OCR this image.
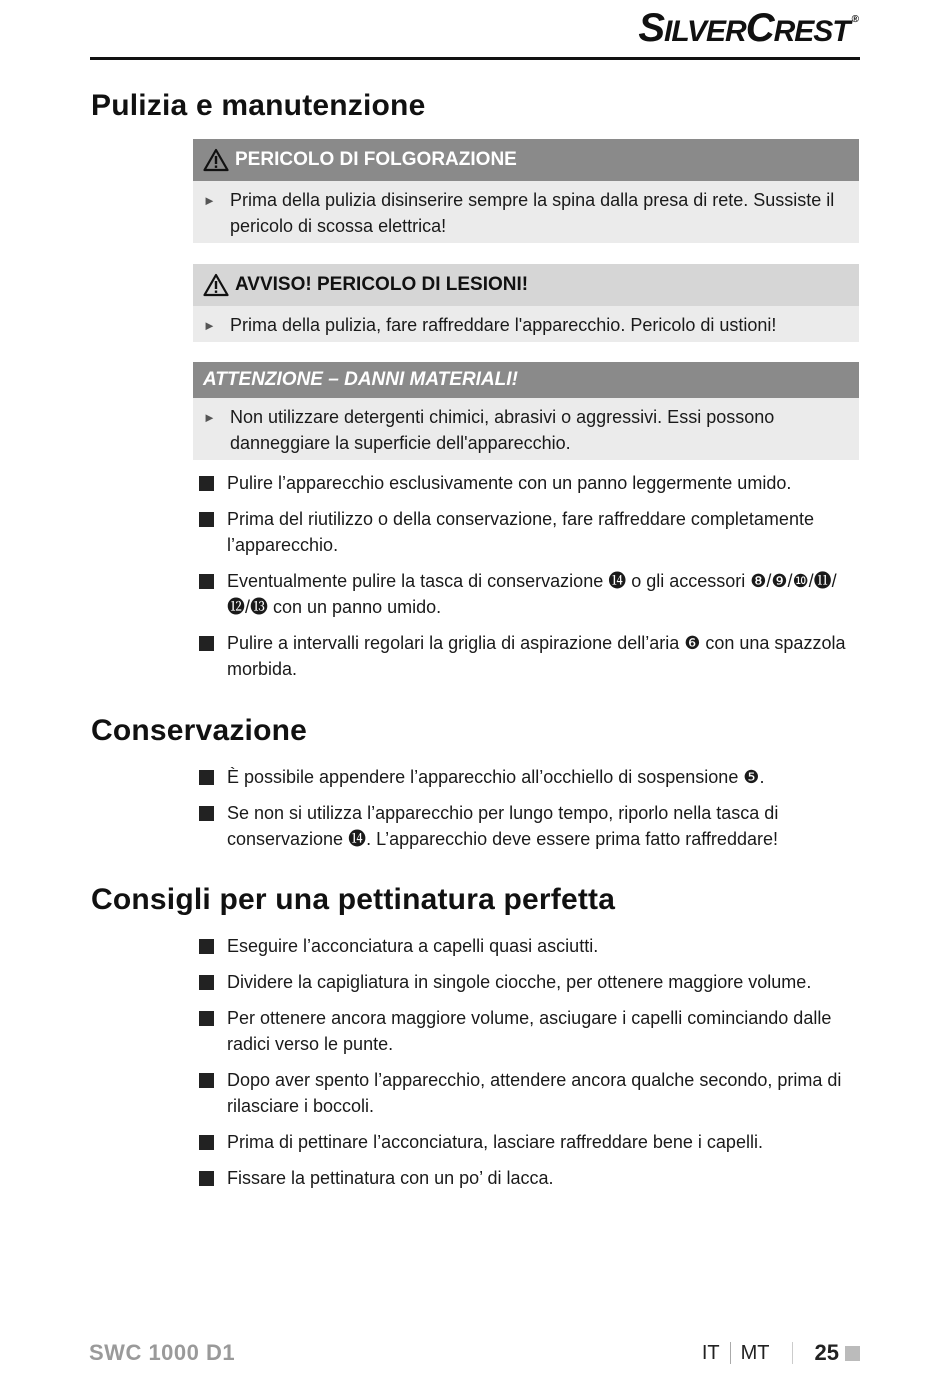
SILVERCREST ®
Pulizia e manutenzione
PERICOLO DI FOLGORAZIONE
► Prima della pulizia disinserire sempre la spina dalla presa di rete. Sussiste il pericolo di scossa elettrica!
AVVISO! PERICOLO DI LESIONI!
► Prima della pulizia, fare raffreddare l'apparecchio. Pericolo di ustioni!
ATTENZIONE – DANNI MATERIALI!
► Non utilizzare detergenti chimici, abrasivi o aggressivi. Essi possono danneggiare la superficie dell'apparecchio.
Pulire l’apparecchio esclusivamente con un panno leggermente umido.
Prima del riutilizzo o della conservazione, fare raffreddare completamente l’apparecchio.
Eventualmente pulire la tasca di conservazione ⓮ o gli accessori ❽/❾/❿/⓫/⓬/⓭ con un panno umido.
Pulire a intervalli regolari la griglia di aspirazione dell’aria ❻ con una spazzola morbida.
Conservazione
È possibile appendere l’apparecchio all’occhiello di sospensione ❺.
Se non si utilizza l’apparecchio per lungo tempo, riporlo nella tasca di conservazione ⓮. L’apparecchio deve essere prima fatto raffreddare!
Consigli per una pettinatura perfetta
Eseguire l’acconciatura a capelli quasi asciutti.
Dividere la capigliatura in singole ciocche, per ottenere maggiore volume.
Per ottenere ancora maggiore volume, asciugare i capelli cominciando dalle radici verso le punte.
Dopo aver spento l’apparecchio, attendere ancora qualche secondo, prima di rilasciare i boccoli.
Prima di pettinare l’acconciatura, lasciare raffreddare bene i capelli.
Fissare la pettinatura con un po’ di lacca.
SWC 1000 D1	IT MT 25
